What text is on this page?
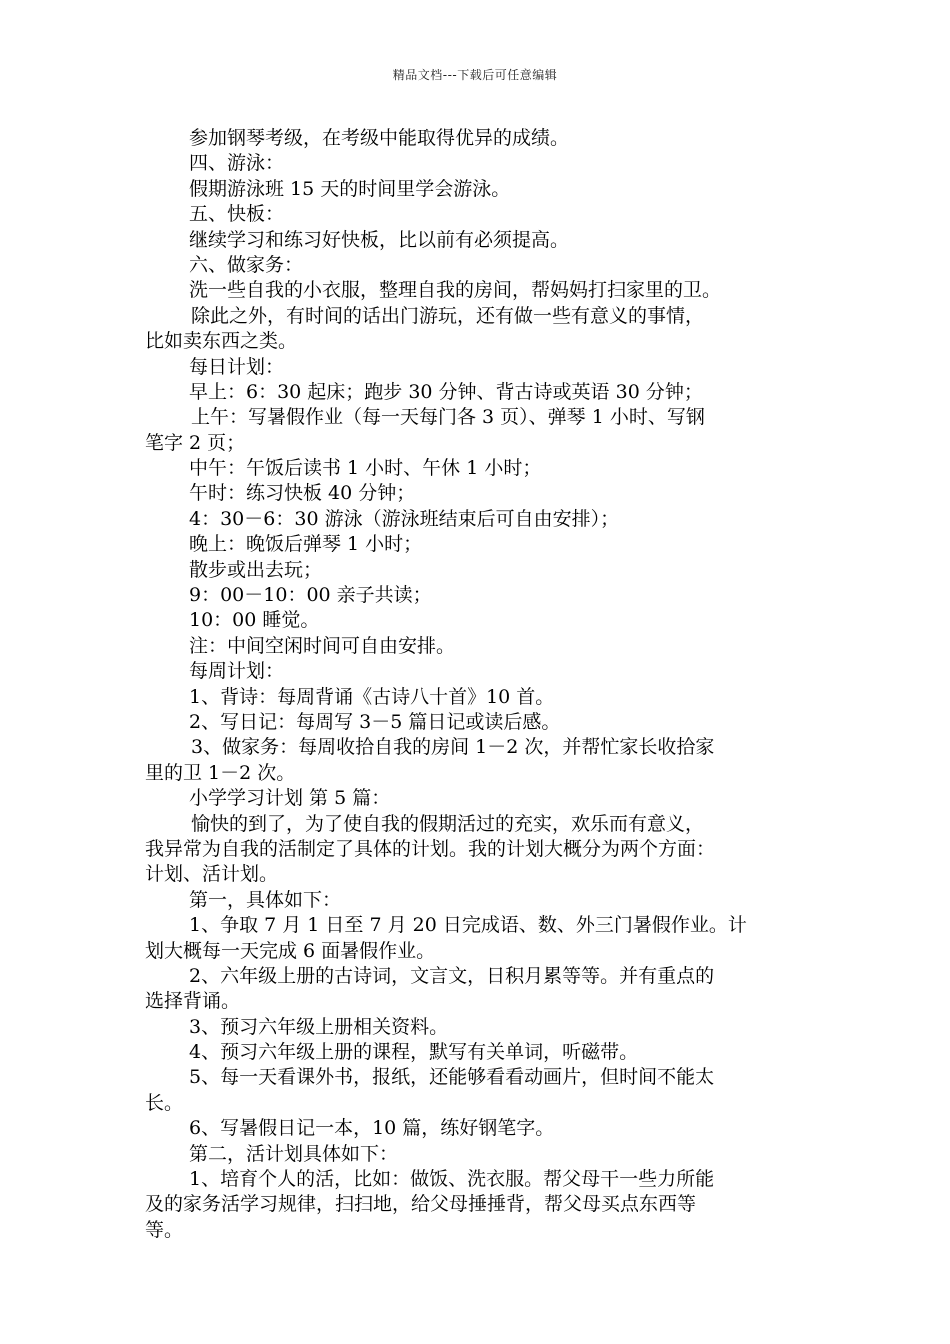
精品文档---下载后可任意编辑
参加钢琴考级，在考级中能取得优异的成绩。
四、游泳：
假期游泳班 15 天的时间里学会游泳。
五、快板：
继续学习和练习好快板，比以前有必须提高。
六、做家务：
洗一些自我的小衣服，整理自我的房间，帮妈妈打扫家里的卫。
除此之外，有时间的话出门游玩，还有做一些有意义的事情，
比如卖东西之类。
每日计划：
早上：6：30 起床；跑步 30 分钟、背古诗或英语 30 分钟；
上午：写暑假作业（每一天每门各 3 页）、弹琴 1 小时、写钢
笔字 2 页；
中午：午饭后读书 1 小时、午休 1 小时；
午时：练习快板 40 分钟；
4：30－6：30 游泳（游泳班结束后可自由安排）；
晚上：晚饭后弹琴 1 小时；
散步或出去玩；
9：00－10：00 亲子共读；
10：00 睡觉。
注：中间空闲时间可自由安排。
每周计划：
1、背诗：每周背诵《古诗八十首》10 首。
2、写日记：每周写 3－5 篇日记或读后感。
3、做家务：每周收拾自我的房间 1－2 次，并帮忙家长收拾家
里的卫 1－2 次。
小学学习计划 第 5 篇：
愉快的到了，为了使自我的假期活过的充实，欢乐而有意义，
我异常为自我的活制定了具体的计划。我的计划大概分为两个方面：
计划、活计划。
第一，具体如下：
1、争取 7 月 1 日至 7 月 20 日完成语、数、外三门暑假作业。计
划大概每一天完成 6 面暑假作业。
2、六年级上册的古诗词，文言文，日积月累等等。并有重点的
选择背诵。
3、预习六年级上册相关资料。
4、预习六年级上册的课程，默写有关单词，听磁带。
5、每一天看课外书，报纸，还能够看看动画片，但时间不能太
长。
6、写暑假日记一本，10 篇，练好钢笔字。
第二，活计划具体如下：
1、培育个人的活，比如：做饭、洗衣服。帮父母干一些力所能
及的家务活学习规律，扫扫地，给父母捶捶背，帮父母买点东西等
等。
